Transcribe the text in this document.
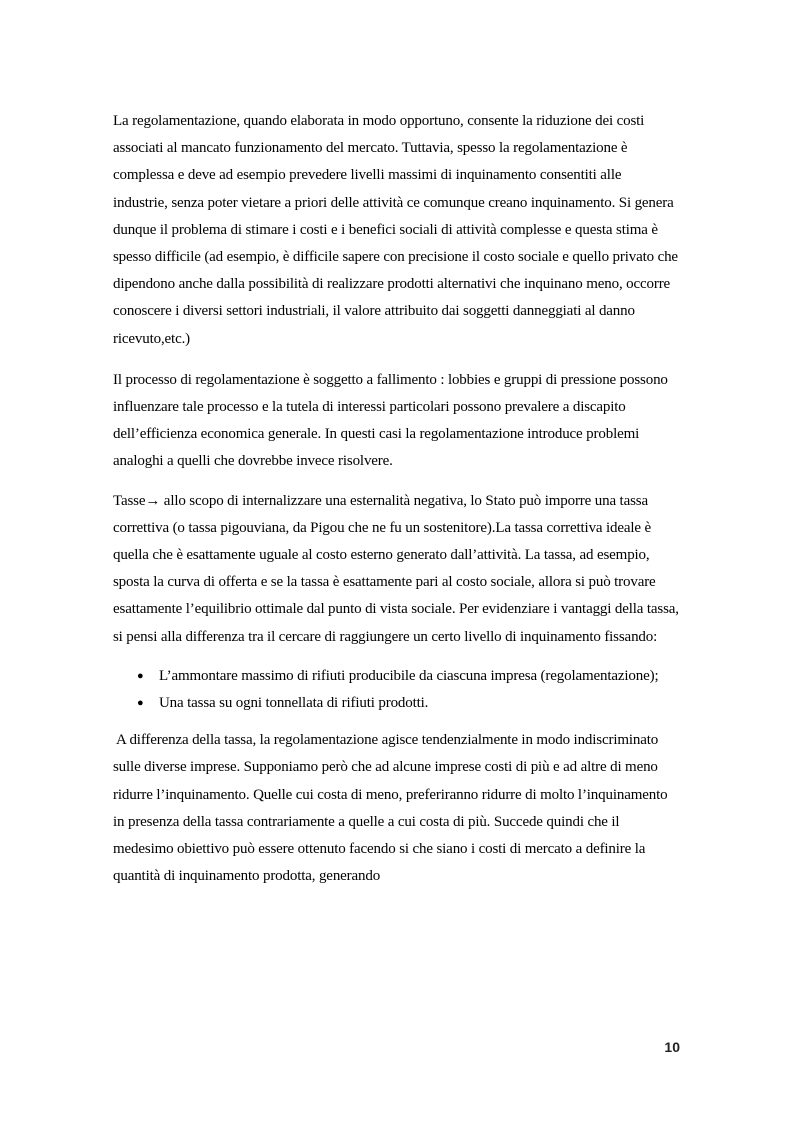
La regolamentazione, quando elaborata in modo opportuno, consente la riduzione dei costi associati al mancato funzionamento del mercato. Tuttavia, spesso la regolamentazione è complessa e deve ad esempio prevedere livelli massimi di inquinamento consentiti alle industrie, senza poter vietare a priori delle attività ce comunque creano inquinamento. Si genera dunque il problema di stimare i costi e i benefici sociali di attività complesse e questa stima è spesso difficile (ad esempio, è difficile sapere con precisione il costo sociale e quello privato che dipendono anche dalla possibilità di realizzare prodotti alternativi che inquinano meno, occorre conoscere i diversi settori industriali, il valore attribuito dai soggetti danneggiati al danno ricevuto,etc.)

Il processo di regolamentazione è soggetto a fallimento : lobbies e gruppi di pressione possono influenzare tale processo e la tutela di interessi particolari possono prevalere a discapito dell’efficienza economica generale. In questi casi la regolamentazione introduce problemi analoghi a quelli che dovrebbe invece risolvere.

Tasse→ allo scopo di internalizzare una esternalità negativa, lo Stato può imporre una tassa correttiva (o tassa pigouviana, da Pigou che ne fu un sostenitore).La tassa correttiva ideale è quella che è esattamente uguale al costo esterno generato dall’attività. La tassa, ad esempio, sposta la curva di offerta e se la tassa è esattamente pari al costo sociale, allora si può trovare esattamente l’equilibrio ottimale dal punto di vista sociale. Per evidenziare i vantaggi della tassa, si pensi alla differenza tra il cercare di raggiungere un certo livello di inquinamento fissando:

● L’ammontare massimo di rifiuti producibile da ciascuna impresa (regolamentazione);
● Una tassa su ogni tonnellata di rifiuti prodotti.

A differenza della tassa, la regolamentazione agisce tendenzialmente in modo indiscriminato sulle diverse imprese. Supponiamo però che ad alcune imprese costi di più e ad altre di meno ridurre l’inquinamento. Quelle cui costa di meno, preferiranno ridurre di molto l’inquinamento in presenza della tassa contrariamente a quelle a cui costa di più. Succede quindi che il medesimo obiettivo può essere ottenuto facendo si che siano i costi di mercato a definire la quantità di inquinamento prodotta, generando

10
